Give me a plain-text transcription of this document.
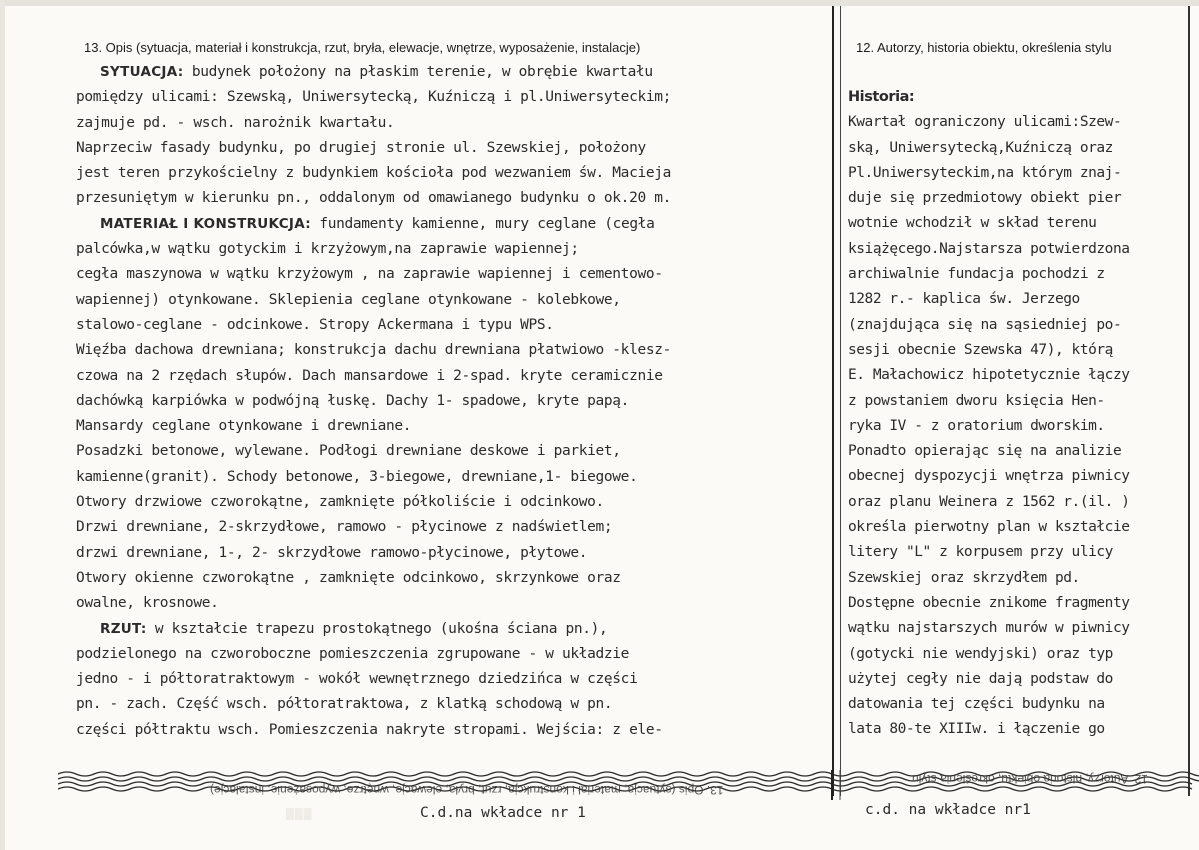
13. Opis (sytuacja, materiał i konstrukcja, rzut, bryła, elewacje, wnętrze, wyposażenie, instalacje)	12. Autorzy, historia obiektu, określenia stylu
SYTUACJA: budynek położony na płaskim terenie, w obrębie kwartału
pomiędzy ulicami: Szewską, Uniwersytecką, Kuźniczą i pl.Uniwersyteckim;
zajmuje pd. - wsch. narożnik kwartału.
Naprzeciw fasady budynku, po drugiej stronie ul. Szewskiej, położony
jest teren przykościelny z budynkiem kościoła pod wezwaniem św. Macieja
przesuniętym w kierunku pn., oddalonym od omawianego budynku o ok.20 m.
MATERIAŁ I KONSTRUKCJA: fundamenty kamienne, mury ceglane (cegła
palcówka,w wątku gotyckim i krzyżowym,na zaprawie wapiennej;
cegła maszynowa w wątku krzyżowym , na zaprawie wapiennej i cementowo-
wapiennej) otynkowane. Sklepienia ceglane otynkowane - kolebkowe,
stalowo-ceglane - odcinkowe. Stropy Ackermana i typu WPS.
Więźba dachowa drewniana; konstrukcja dachu drewniana płatwiowo -klesz-
czowa na 2 rzędach słupów. Dach mansardowe i 2-spad. kryte ceramicznie
dachówką karpiówka w podwójną łuskę. Dachy 1- spadowe, kryte papą.
Mansardy ceglane otynkowane i drewniane.
Posadzki betonowe, wylewane. Podłogi drewniane deskowe i parkiet,
kamienne(granit). Schody betonowe, 3-biegowe, drewniane,1- biegowe.
Otwory drzwiowe czworokątne, zamknięte półkoliście i odcinkowo.
Drzwi drewniane, 2-skrzydłowe, ramowo - płycinowe z nadświetlem;
drzwi drewniane, 1-, 2- skrzydłowe ramowo-płycinowe, płytowe.
Otwory okienne czworokątne , zamknięte odcinkowo, skrzynkowe oraz
owalne, krosnowe.
RZUT: w kształcie trapezu prostokątnego (ukośna ściana pn.),
podzielonego na czworoboczne pomieszczenia zgrupowane - w układzie
jedno - i półtoratraktowym - wokół wewnętrznego dziedzińca w części
pn. - zach. Część wsch. półtoratraktowa, z klatką schodową w pn.
części półtraktu wsch. Pomieszczenia nakryte stropami. Wejścia: z ele-
Historia:
Kwartał ograniczony ulicami:Szew-
ską, Uniwersytecką,Kuźniczą oraz
Pl.Uniwersyteckim,na którym znaj-
duje się przedmiotowy obiekt pier
wotnie wchodził w skład terenu
książęcego.Najstarsza potwierdzona
archiwalnie fundacja pochodzi z
1282 r.- kaplica św. Jerzego
(znajdująca się na sąsiedniej po-
sesji obecnie Szewska 47), którą
E. Małachowicz hipotetycznie łączy
z powstaniem dworu księcia Hen-
ryka IV - z oratorium dworskim.
Ponadto opierając się na analizie
obecnej dyspozycji wnętrza piwnicy
oraz planu Weinera z 1562 r.(il. )
określa pierwotny plan w kształcie
litery "L" z korpusem przy ulicy
Szewskiej oraz skrzydłem pd.
Dostępne obecnie znikome fragmenty
wątku najstarszych murów w piwnicy
(gotycki nie wendyjski) oraz typ
użytej cegły nie dają podstaw do
datowania tej części budynku na
lata 80-te XIIIw. i łączenie go
13. Opis (sytuacja, materiał i konstrukcja, rzut, bryła, elewacje, wnętrze, wyposażenie, instalacje)
12. Autorzy, historia obiektu, określenia stylu
▒▒▒	C.d.na wkładce nr 1	c.d. na wkładce nr1
